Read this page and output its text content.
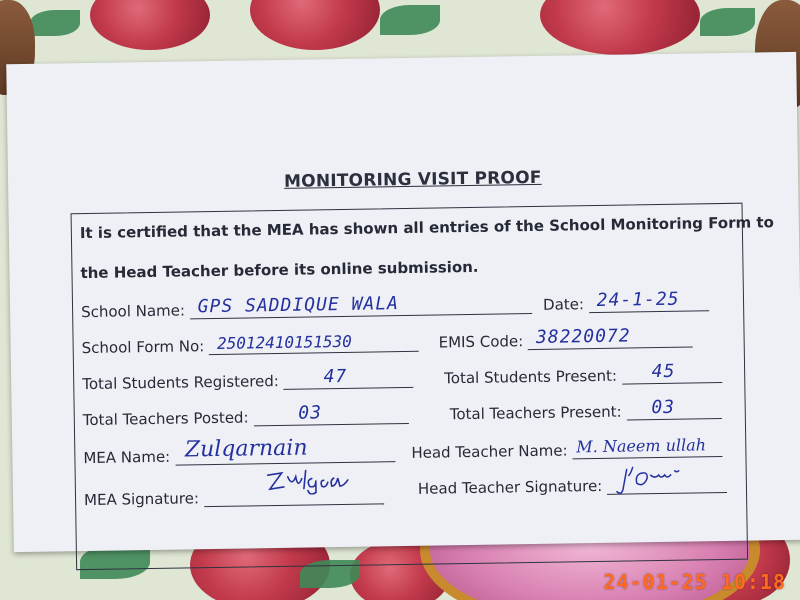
MONITORING VISIT PROOF
It is certified that the MEA has shown all entries of the School Monitoring Form to
the Head Teacher before its online submission.
School Name: GPS SADDIQUE WALA	Date: 24-1-25
School Form No: 25012410151530	EMIS Code: 38220072
Total Students Registered: 47	Total Students Present: 45
Total Teachers Posted:	03	Total Teachers Present: 03
MEA Name: Zulqarnain	Head Teacher Name: M. Naeem ullah
MEA Signature:
Head Teacher Signature:
24-01-25 10:18
